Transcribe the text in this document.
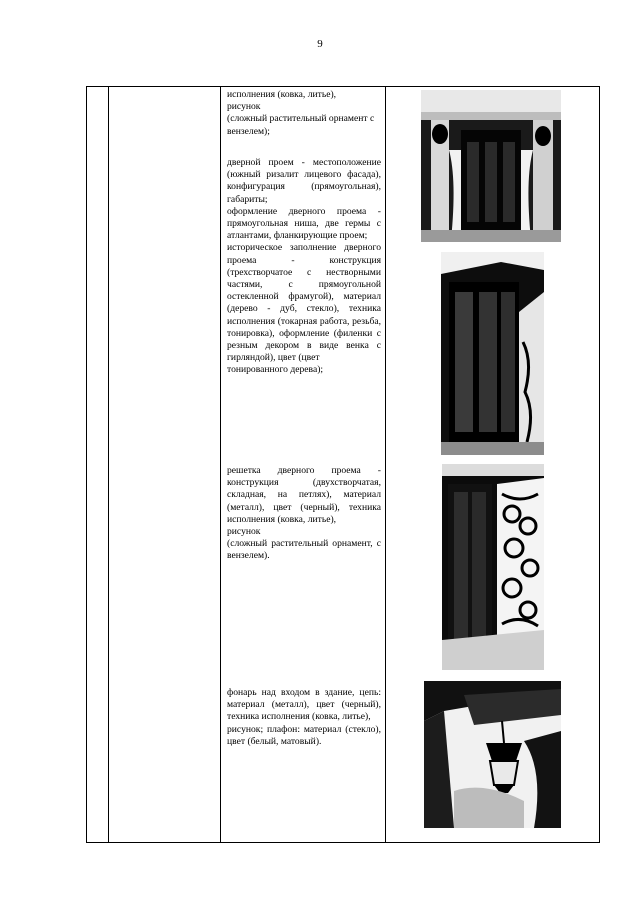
9

исполнения (ковка, литье),

рисунок

(сложный растительный орнамент с

вензелем);

дверной проем - местоположение (южный ризалит лицевого фасада), конфигурация (прямоугольная), габариты;

оформление дверного проема - прямоугольная ниша, две гермы с атлантами, фланкирующие проем;

историческое заполнение дверного проема - конструкция (трехстворчатое с нестворными частями, с прямоугольной остекленной фрамугой), материал (дерево - дуб, стекло), техника исполнения (токарная работа, резьба, тонировка), оформление (филенки с резным декором в виде венка с гирляндой), цвет (цвет

тонированного дерева);

решетка дверного проема - конструкция (двухстворчатая, складная, на петлях), материал (металл), цвет (черный), техника исполнения (ковка, литье),

рисунок

(сложный растительный орнамент, с вензелем).

фонарь над входом в здание, цепь: материал (металл), цвет (черный), техника исполнения (ковка, литье),

рисунок; плафон: материал (стекло), цвет (белый, матовый).
